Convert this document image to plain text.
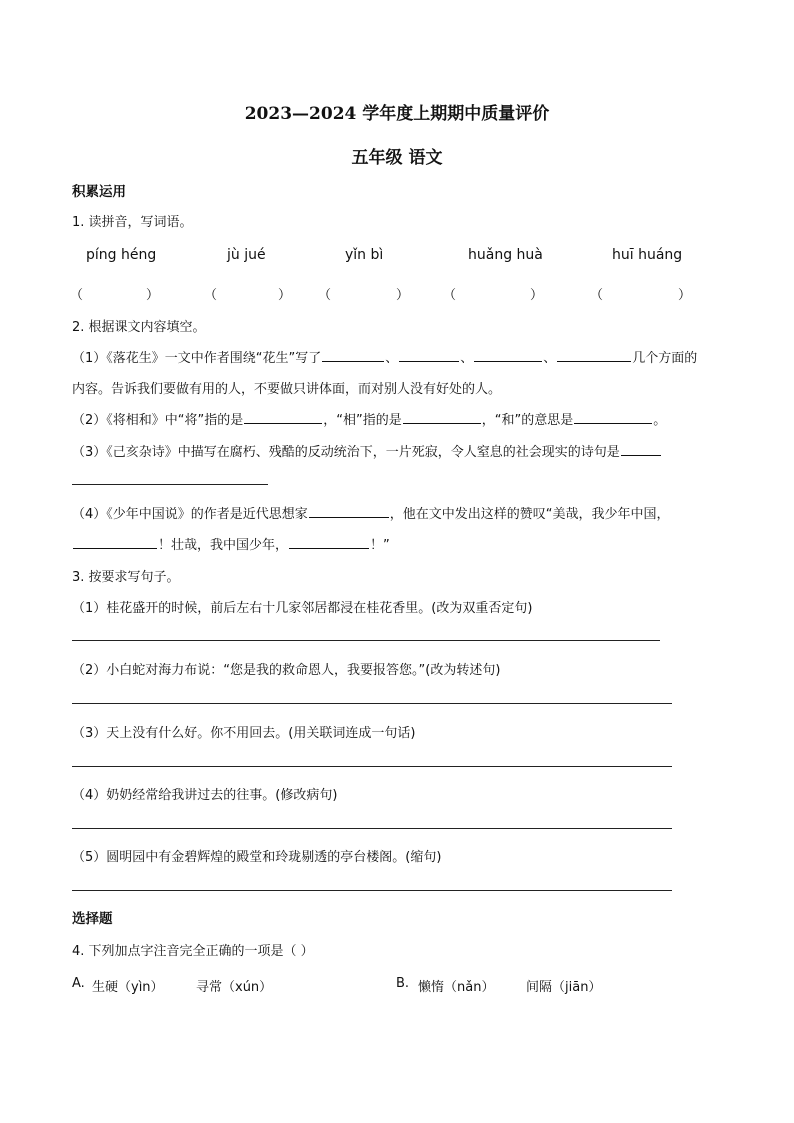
2023—2024 学年度上期期中质量评价
五年级 语文
积累运用
1. 读拼音，写词语。
píng héng	jù jué	yǐn bì	huǎng huà	huī huáng
（	）	（	） （	）	（	）	（	）
2. 根据课文内容填空。
（1）《落花生》一文中作者围绕“花生”写了	、	、	、	几个方面的
内容。告诉我们要做有用的人，不要做只讲体面，而对别人没有好处的人。
（2）《将相和》中“将”指的是	，“相”指的是	，“和”的意思是	。
（3）《己亥杂诗》中描写在腐朽、残酷的反动统治下，一片死寂，令人窒息的社会现实的诗句是
（4）《少年中国说》的作者是近代思想家	，他在文中发出这样的赞叹“美哉，我少年中国，
！壮哉，我中国少年，	！”
3. 按要求写句子。
（1）桂花盛开的时候，前后左右十几家邻居都浸在桂花香里。(改为双重否定句)
（2）小白蛇对海力布说：“您是我的救命恩人，我要报答您。”(改为转述句)
（3）天上没有什么好。你不用回去。(用关联词连成一句话)
（4）奶奶经常给我讲过去的往事。(修改病句)
（5）圆明园中有金碧辉煌的殿堂和玲珑剔透的亭台楼阁。(缩句)
选择题
4. 下列加点字注音完全正确的一项是（ ）
A. 生硬（yìn） 寻常（xún）	B. 懒惰（nǎn） 间隔（jiān）
